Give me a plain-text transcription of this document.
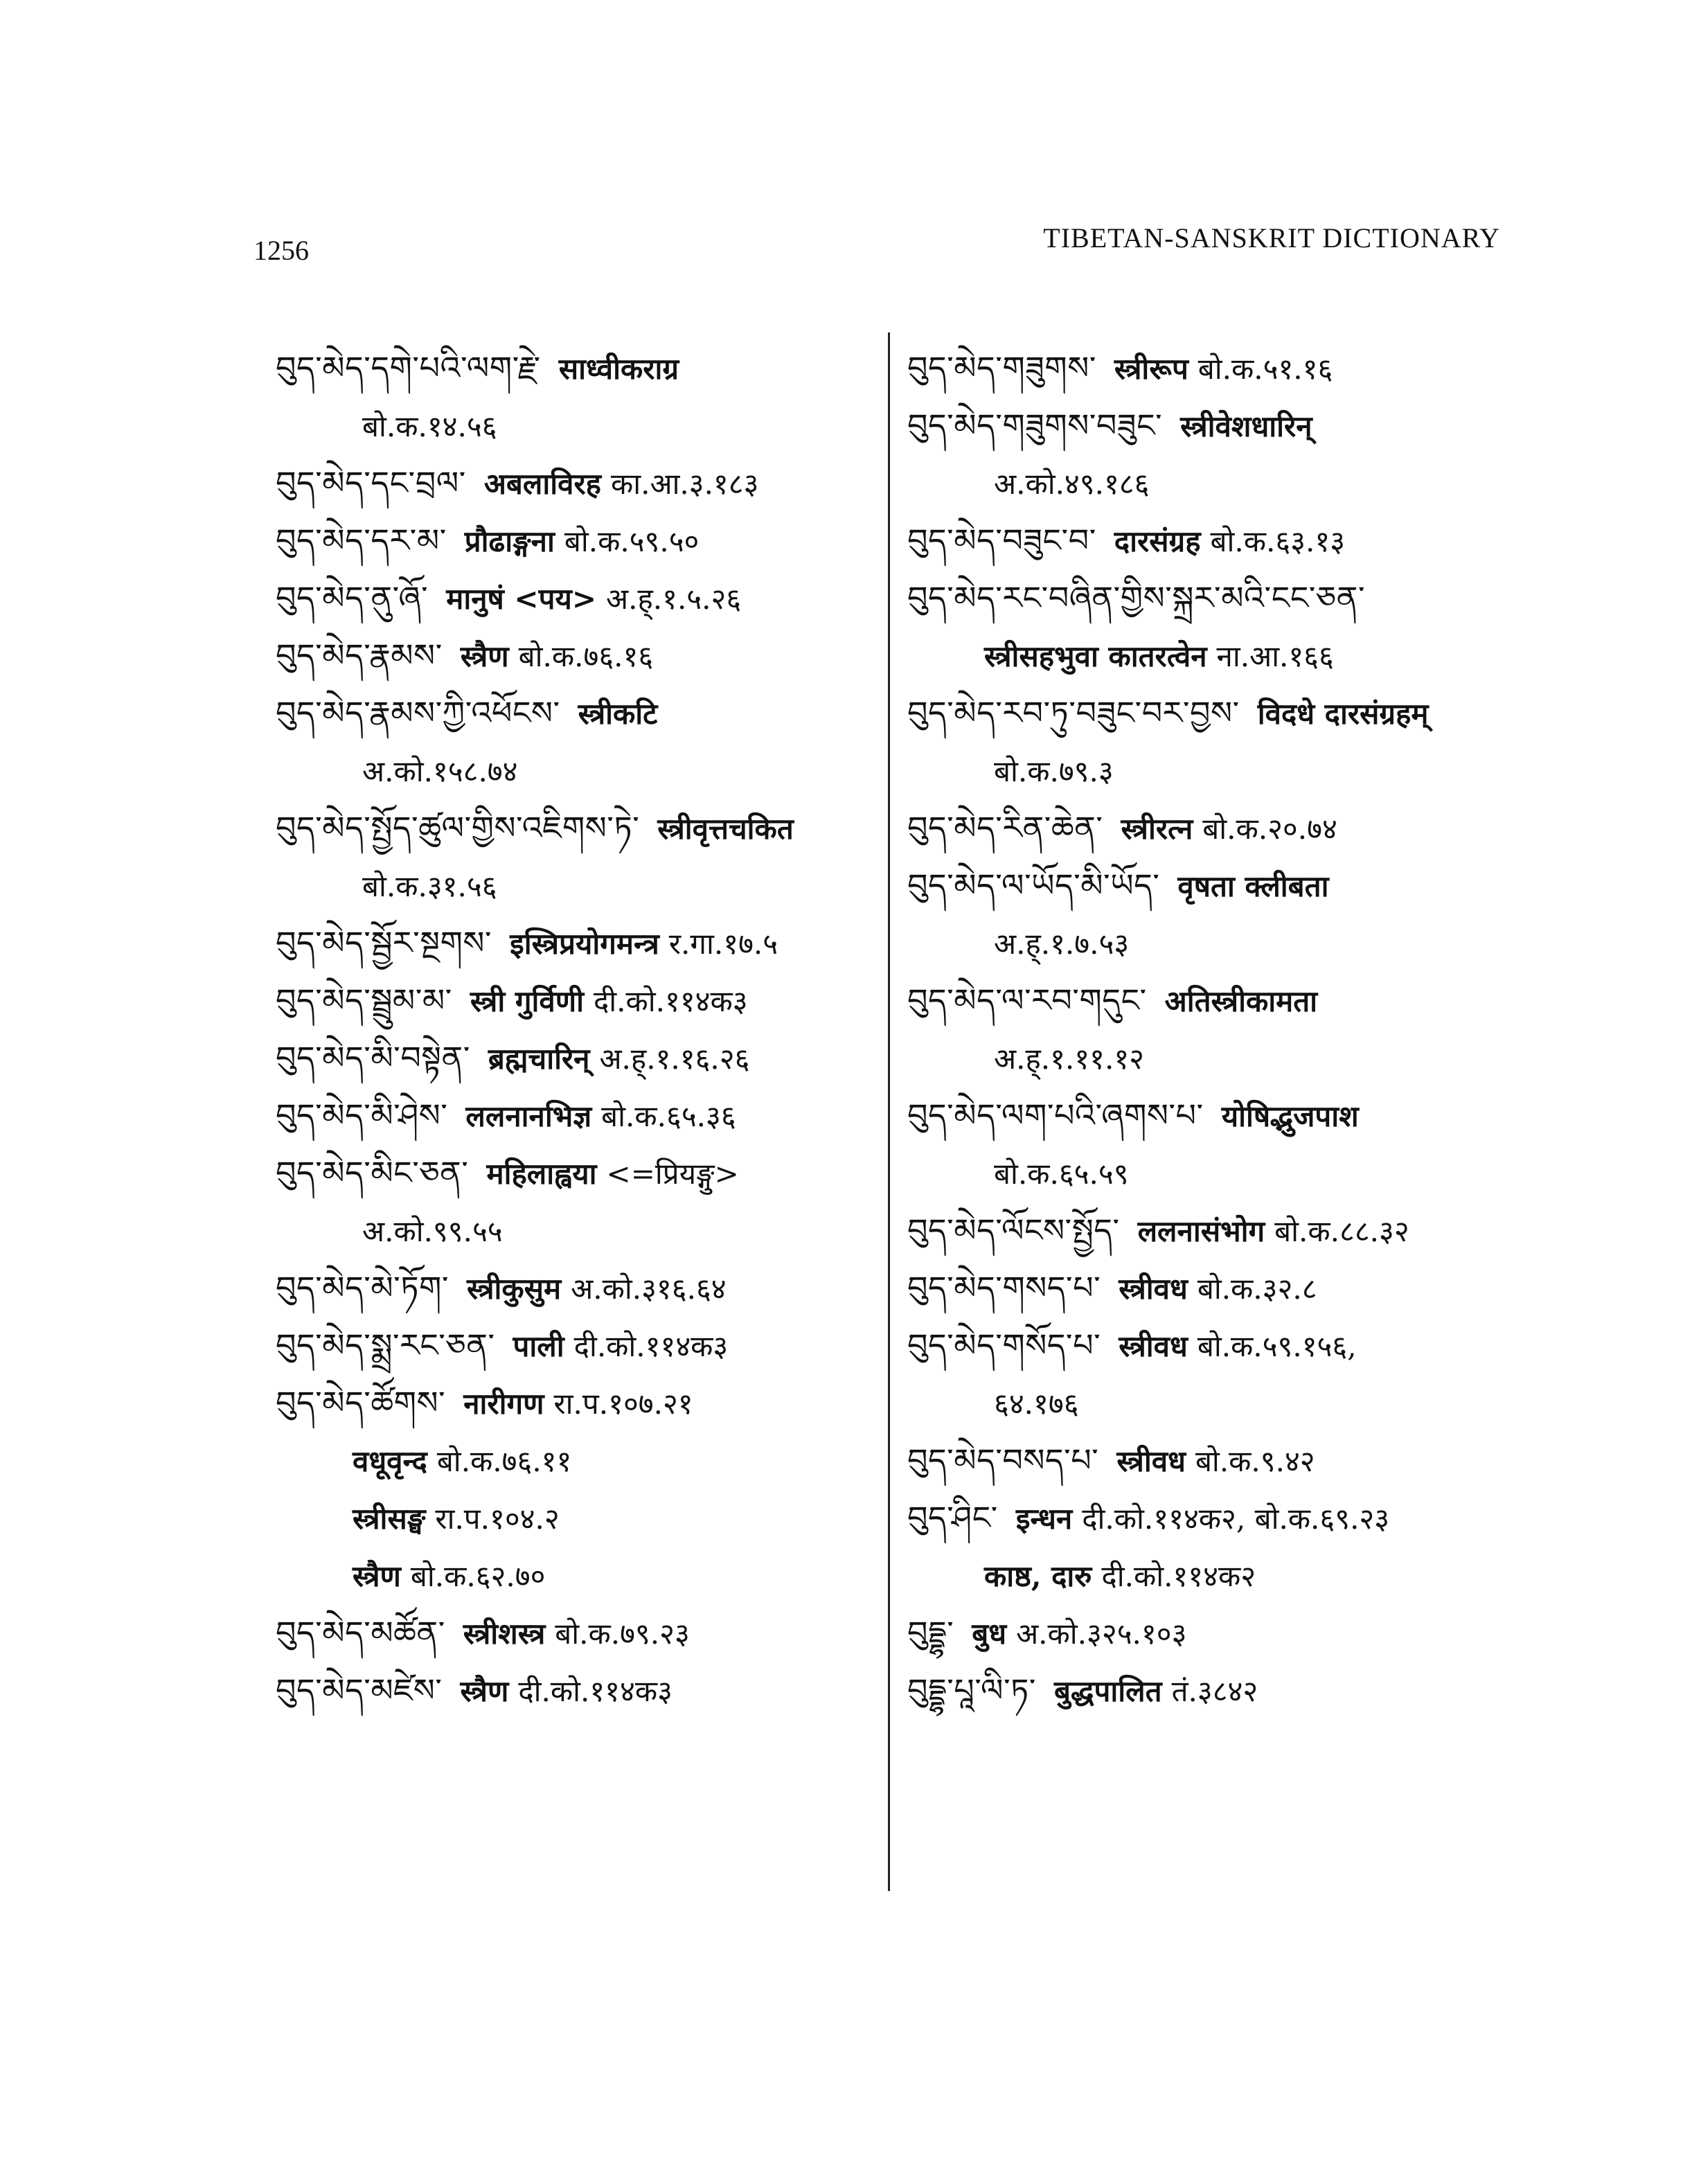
1256	TIBETAN-SANSKRIT DICTIONARY
བུད་མེད་དགེ་པའི་ལག་རྗེ་ साध्वीकराग्र
बो.क.१४.५६
བུད་མེད་དང་བྲལ་ अबलाविरह का.आ.३.१८३
བུད་མེད་དར་མ་ प्रौढाङ्गना बो.क.५९.५०
བུད་མེད་ནུ་ཞོ་ मानुषं <पय> अ.ह्.१.५.२६
བུད་མེད་རྣམས་ स्त्रैण बो.क.७६.१६
བུད་མེད་རྣམས་ཀྱི་འཕོངས་ स्त्रीकटि
अ.को.१५८.७४
བུད་མེད་སྤྱོད་ཚུལ་གྱིས་འཇིགས་ཏེ་ स्त्रीवृत्तचकित
बो.क.३१.५६
བུད་མེད་སྦྱོར་སྔགས་ इस्त्रिप्रयोगमन्त्र र.गा.१७.५
བུད་མེད་སྦྲུམ་མ་ स्त्री गुर्विणी दी.को.११४क३
བུད་མེད་མི་བསྟེན་ ब्रह्मचारिन् अ.ह्.१.१६.२६
བུད་མེད་མི་ཤེས་ ललनानभिज्ञ बो.क.६५.३६
བུད་མེད་མིང་ཅན་ महिलाह्वया <=प्रियङ्गु>
अ.को.९९.५५
བུད་མེད་མེ་ཏོག་ स्त्रीकुसुम अ.को.३१६.६४
བུད་མེད་སྨྲ་རང་ཅན་ पाली दी.को.११४क३
བུད་མེད་ཚོགས་ नारीगण रा.प.१०७.२१
वधूवृन्द बो.क.७६.११
स्त्रीसङ्घ रा.प.१०४.२
स्त्रैण बो.क.६२.७०
བུད་མེད་མཚོན་ स्त्रीशस्त्र बो.क.७९.२३
བུད་མེད་མཛེས་ स्त्रैण दी.को.११४क३
བུད་མེད་གཟུགས་ स्त्रीरूप बो.क.५१.१६
བུད་མེད་གཟུགས་བཟུང་ स्त्रीवेशधारिन्
अ.को.४९.१८६
བུད་མེད་བཟུང་བ་ दारसंग्रह बो.क.६३.१३
བུད་མེད་རང་བཞིན་གྱིས་སྐྲར་མའི་ངང་ཅན་
स्त्रीसहभुवा कातरत्वेन ना.आ.१६६
བུད་མེད་རབ་ཏུ་བཟུང་བར་བྱས་ विदधे दारसंग्रहम्
बो.क.७९.३
བུད་མེད་རིན་ཆེན་ स्त्रीरत्न बो.क.२०.७४
བུད་མེད་ལ་ཡོད་མི་ཡོད་ वृषता क्लीबता
अ.ह्.१.७.५३
བུད་མེད་ལ་རབ་གདུང་ अतिस्त्रीकामता
अ.ह्.१.११.१२
བུད་མེད་ལག་པའི་ཞགས་པ་ योषिद्भुजपाश
बो.क.६५.५९
བུད་མེད་ལོངས་སྤྱོད་ ललनासंभोग बो.क.८८.३२
བུད་མེད་གསད་པ་ स्त्रीवध बो.क.३२.८
བུད་མེད་གསོད་པ་ स्त्रीवध बो.क.५९.१५६,
६४.१७६
བུད་མེད་བསད་པ་ स्त्रीवध बो.क.९.४२
བུད་ཤིང་ इन्धन दी.को.११४क२, बो.क.६९.२३
काष्ठ, दारु दी.को.११४क२
བུདྡྷ་ बुध अ.को.३२५.१०३
བུདྡྷ་པཱ་ལི་ཏ་ बुद्धपालित तं.३८४२
